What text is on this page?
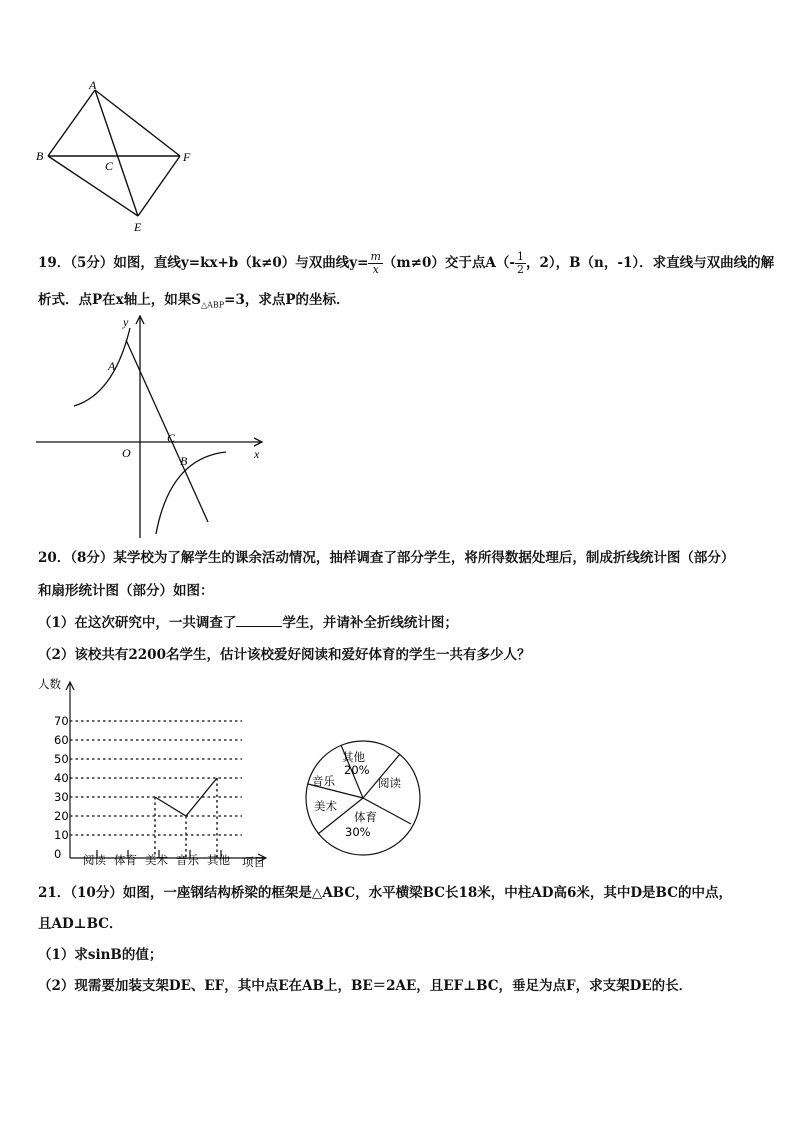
A
B
C
F
E
19．（5分）如图，直线y=kx+b（k≠0）与双曲线$y= \frac{m}{x} (m\ne 0)$交于点$A(- \frac{1}{2}$ ，2），B（n，-1）．求直线与双曲线的解
析式．点P在x轴上，如果$S_{\triangle ABP}=3$，求点P的坐标．
y
x
O
A
C
B
20．（8分）某学校为了解学生的课余活动情况，抽样调查了部分学生，将所得数据处理后，制成折线统计图（部分）
和扇形统计图（部分）如图：
（1）在这次研究中，一共调查了	学生，并请补全折线统计图；
（2）该校共有2200名学生，估计该校爱好阅读和爱好体育的学生一共有多少人？
0
10
20
30
40
50
60
70
阅读 体育 美术 音乐 其他
人数
项目
其他
20%
阅读
体育
30%
美术
音乐
21．（10分）如图，一座钢结构桥梁的框架是△ABC，水平横梁BC长18米，中柱AD高6米，其中D是BC的中点，
且AD⊥BC．
（1）求sinB的值；
（2）现需要加装支架DE、EF，其中点E在AB上，BE＝2AE，且EF⊥BC，垂足为点F，求支架DE的长．
